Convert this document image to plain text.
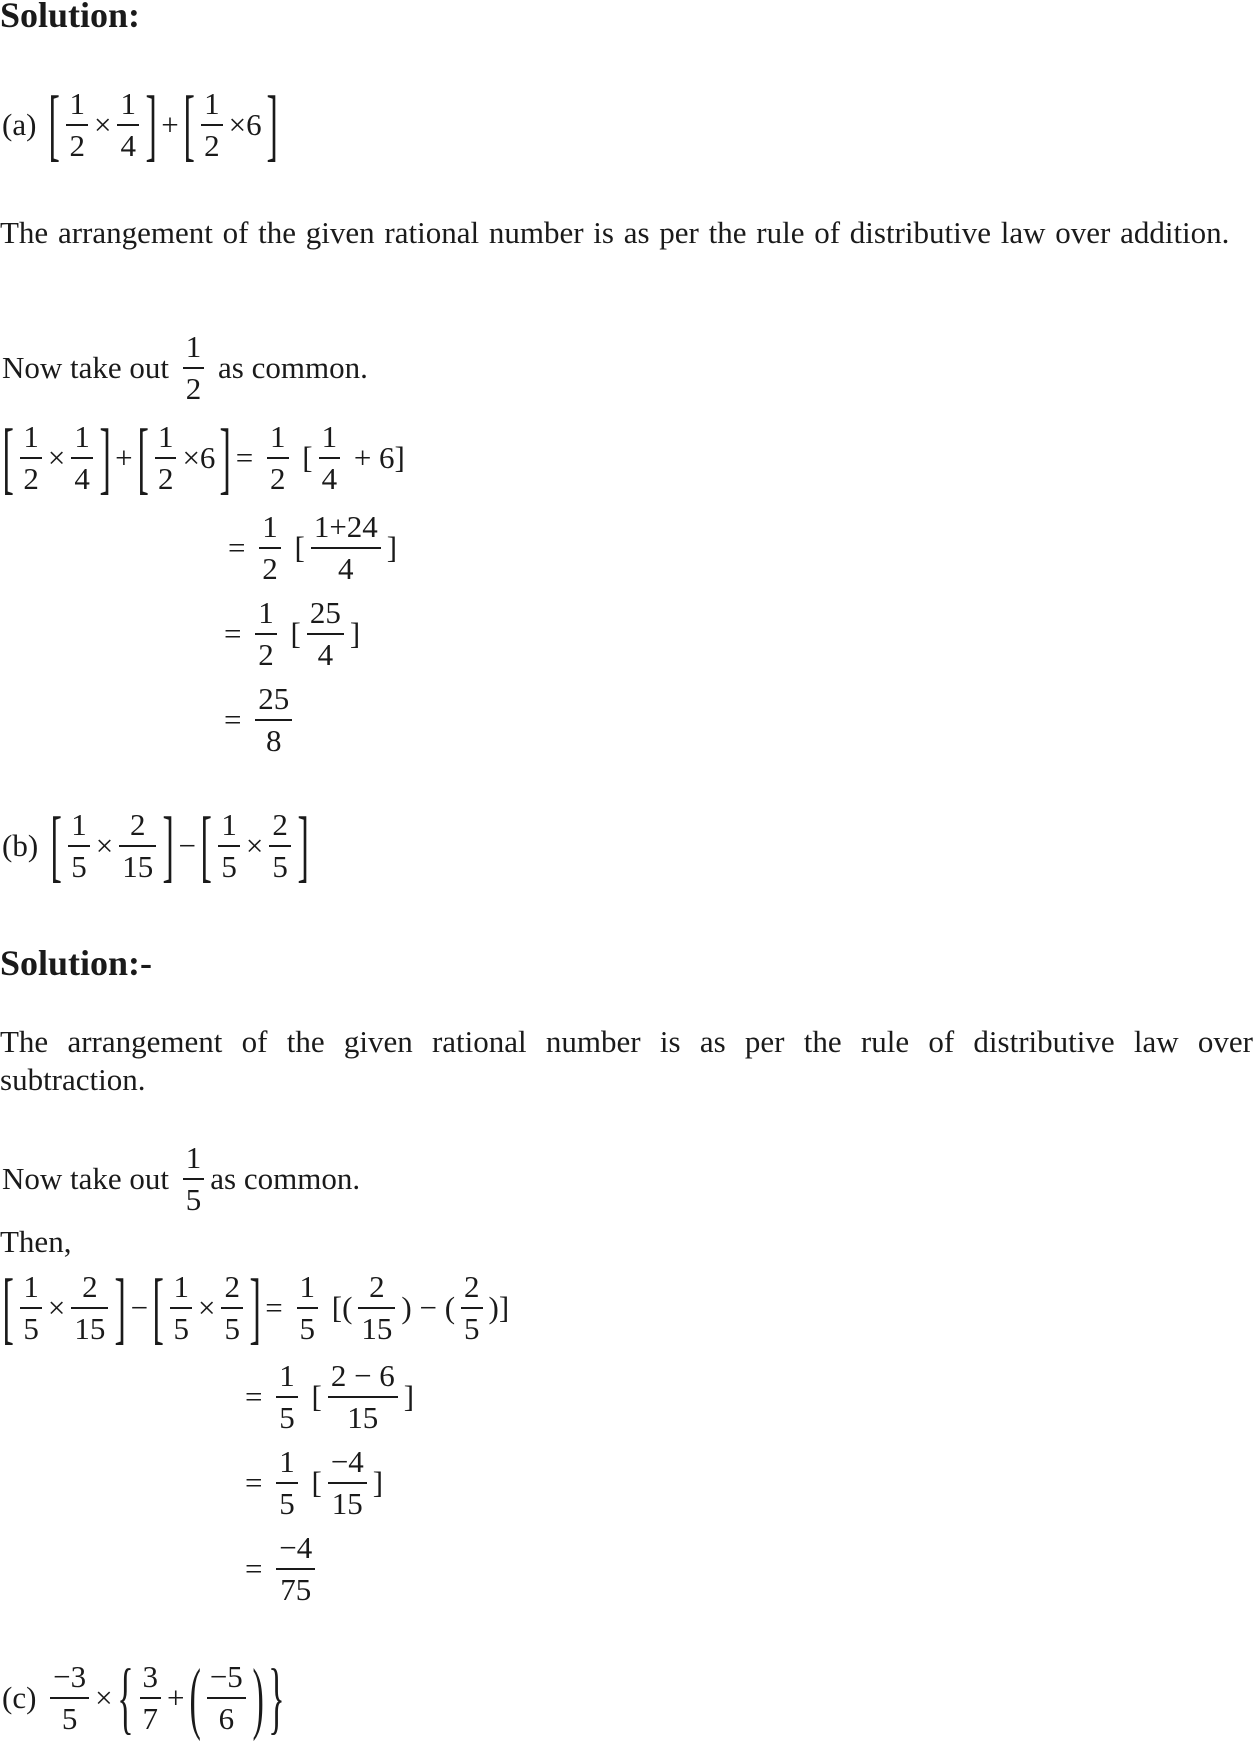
Solution:

The arrangement of the given rational number is as per the rule of distributive law over addition.

Solution:-

The arrangement of the given rational number is as per the rule of distributive law over subtraction.

Then,
(a) [ $\frac{1}{2} \times \frac{1}{4}$ ] + [ $\frac{1}{2} \times 6$ ]
Now take out $\frac{1}{2}$ as common.
[ $\frac{1}{2} \times \frac{1}{4}$ ] + [ $\frac{1}{2} \times 6$ ] = $\frac{1}{2}$ [ $\frac{1}{4} + 6$]
= $\frac{1}{2}$ [ $\frac{1+24}{4}$ ]
= $\frac{1}{2}$ [ $\frac{25}{4}$ ]
= $\frac{25}{8}$
(b) [ $\frac{1}{5} \times \frac{2}{15}$ ] − [ $\frac{1}{5} \times \frac{2}{5}$ ]
Now take out $\frac{1}{5}$ as common.
[ $\frac{1}{5} \times \frac{2}{15}$ ] − [ $\frac{1}{5} \times \frac{2}{5}$ ] = $\frac{1}{5}$ [( $\frac{2}{15}$ ) − ( $\frac{2}{5}$ )]
= $\frac{1}{5}$ [ $\frac{2 - 6}{15}$ ]
= $\frac{1}{5}$ [ $\frac{-4}{15}$ ]
= $\frac{-4}{75}$
$(c) \frac{-3}{5}$ × { $\frac{3}{7}$ + ( $\frac{-5}{6}$ ) }
